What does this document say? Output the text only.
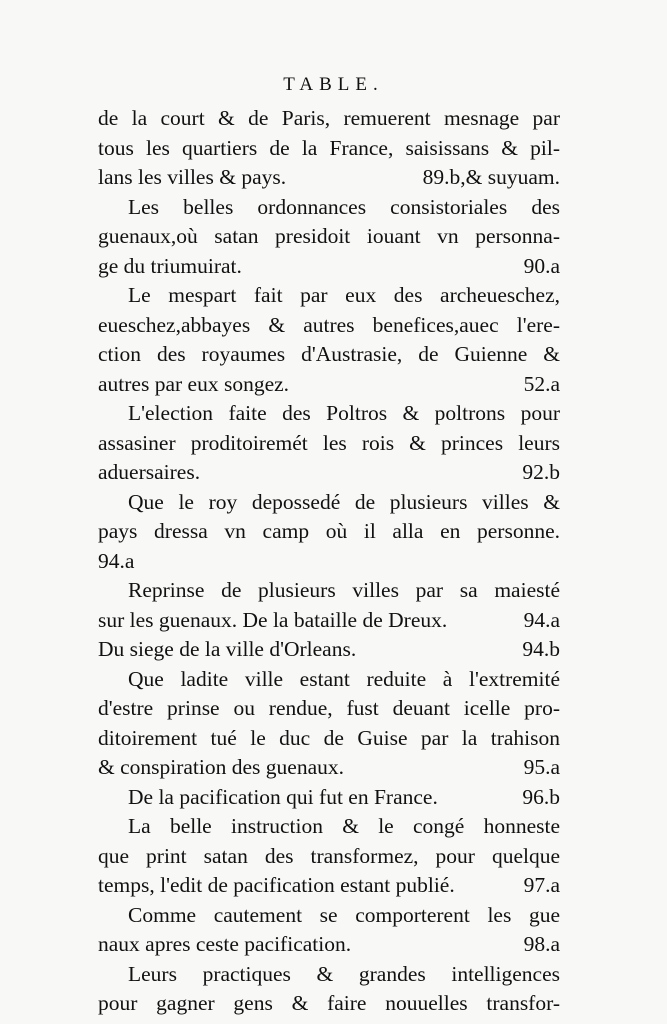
TABLE.
de la court & de Paris, remuerent mesnage par
tous les quartiers de la France, saisissans & pil-
lans les villes & pays.	89.b,& suyuam.
Les belles ordonnances consistoriales des
guenaux,où satan presidoit iouant vn personna-
ge du triumuirat.	90.a
Le mespart fait par eux des archeueschez,
eueschez,abbayes & autres benefices,auec l'ere-
ction des royaumes d'Austrasie, de Guienne &
autres par eux songez.	52.a
L'election faite des Poltros & poltrons pour
assasiner proditoiremét les rois & princes leurs
aduersaires.	92.b
Que le roy depossedé de plusieurs villes &
pays dressa vn camp où il alla en personne.
94.a
Reprinse de plusieurs villes par sa maiesté
sur les guenaux. De la bataille de Dreux.	94.a
Du siege de la ville d'Orleans.	94.b
Que ladite ville estant reduite à l'extremité
d'estre prinse ou rendue, fust deuant icelle pro-
ditoirement tué le duc de Guise par la trahison
& conspiration des guenaux.	95.a
De la pacification qui fut en France.	96.b
La belle instruction & le congé honneste
que print satan des transformez, pour quelque
temps, l'edit de pacification estant publié.	97.a
Comme cautement se comporterent les gue
naux apres ceste pacification.	98.a
Leurs practiques & grandes intelligences
pour gagner gens & faire nouuelles transfor-
